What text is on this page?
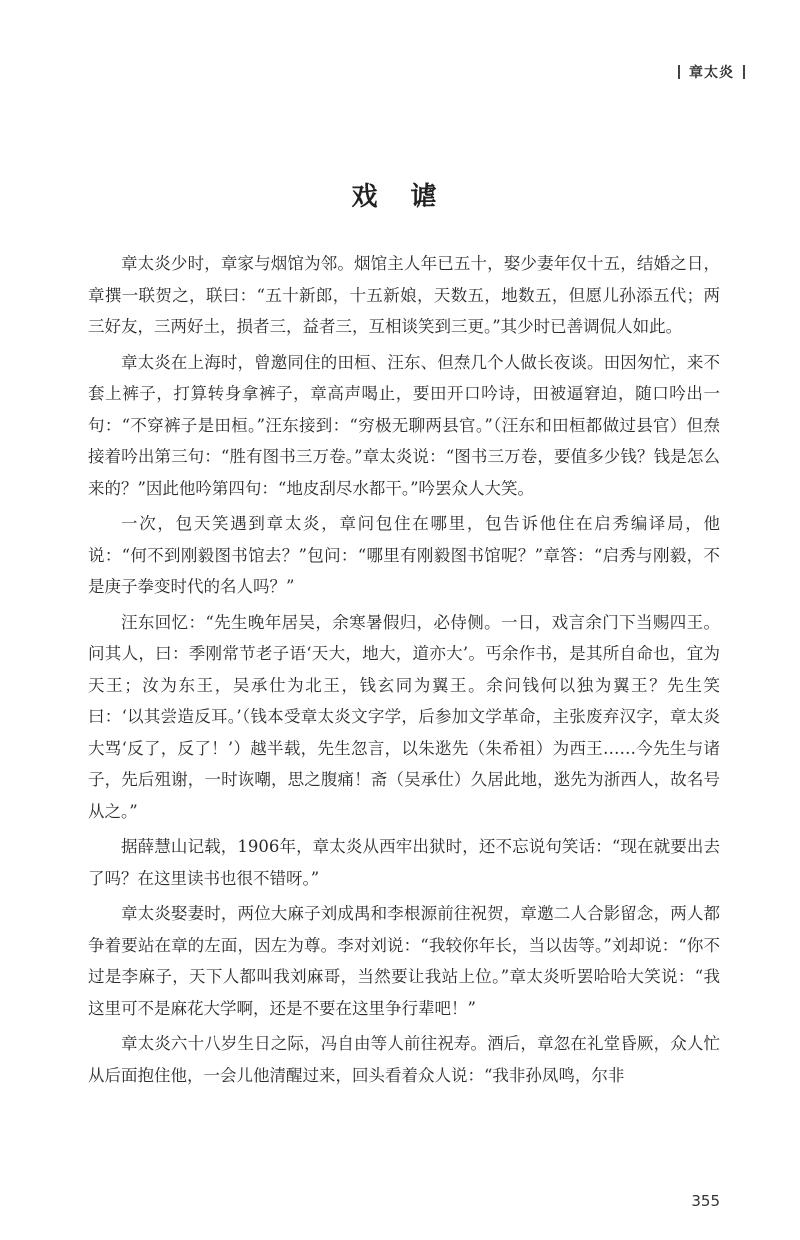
章太炎
戏 谑

章太炎少时，章家与烟馆为邻。烟馆主人年已五十，娶少妻年仅十五，结婚之日，章撰一联贺之，联曰：“五十新郎，十五新娘，天数五，地数五，但愿儿孙添五代；两三好友，三两好土，损者三，益者三，互相谈笑到三更。”其少时已善调侃人如此。

章太炎在上海时，曾邀同住的田桓、汪东、但焘几个人做长夜谈。田因匆忙，来不套上裤子，打算转身拿裤子，章高声喝止，要田开口吟诗，田被逼窘迫，随口吟出一句：“不穿裤子是田桓。”汪东接到：“穷极无聊两县官。”（汪东和田桓都做过县官）但焘接着吟出第三句：“胜有图书三万卷。”章太炎说：“图书三万卷，要值多少钱？钱是怎么来的？”因此他吟第四句：“地皮刮尽水都干。”吟罢众人大笑。

一次，包天笑遇到章太炎，章问包住在哪里，包告诉他住在启秀编译局，他说：“何不到刚毅图书馆去？”包问：“哪里有刚毅图书馆呢？”章答：“启秀与刚毅，不是庚子拳变时代的名人吗？”

汪东回忆：“先生晚年居吴，余寒暑假归，必侍侧。一日，戏言余门下当赐四王。问其人，曰：季刚常节老子语‘天大，地大，道亦大’。丐余作书，是其所自命也，宜为天王；汝为东王，吴承仕为北王，钱玄同为翼王。余问钱何以独为翼王？先生笑曰：‘以其尝造反耳。’（钱本受章太炎文字学，后参加文学革命，主张废弃汉字，章太炎大骂‘反了，反了！’）越半载，先生忽言，以朱逖先（朱希祖）为西王……今先生与诸子，先后殂谢，一时诙嘲，思之腹痛！斋（吴承仕）久居此地，逖先为浙西人，故名号从之。”

据薛慧山记载，1906年，章太炎从西牢出狱时，还不忘说句笑话：“现在就要出去了吗？在这里读书也很不错呀。”

章太炎娶妻时，两位大麻子刘成禺和李根源前往祝贺，章邀二人合影留念，两人都争着要站在章的左面，因左为尊。李对刘说：“我较你年长，当以齿等。”刘却说：“你不过是李麻子，天下人都叫我刘麻哥，当然要让我站上位。”章太炎听罢哈哈大笑说：“我这里可不是麻花大学啊，还是不要在这里争行辈吧！”

章太炎六十八岁生日之际，冯自由等人前往祝寿。酒后，章忽在礼堂昏厥，众人忙从后面抱住他，一会儿他清醒过来，回头看着众人说：“我非孙凤鸣，尔非

355
